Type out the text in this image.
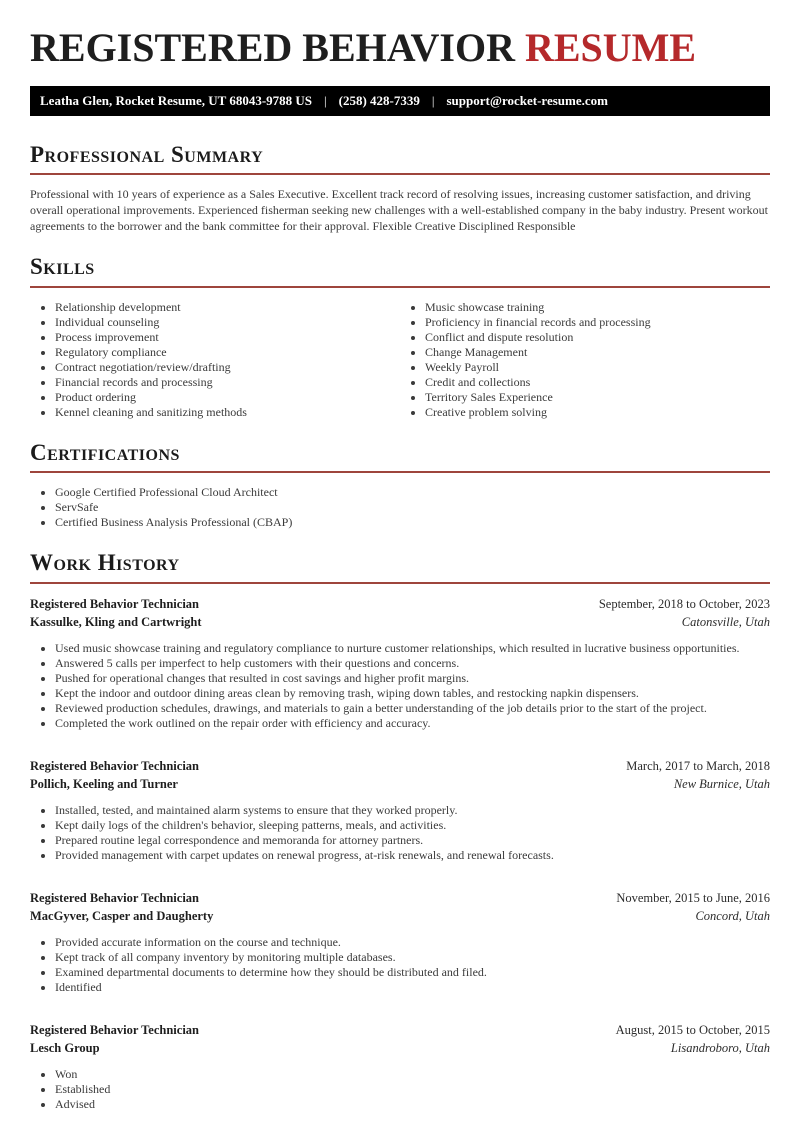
REGISTERED BEHAVIOR RESUME
Leatha Glen, Rocket Resume, UT 68043-9788 US | (258) 428-7339 | support@rocket-resume.com
Professional Summary

Professional with 10 years of experience as a Sales Executive. Excellent track record of resolving issues, increasing customer satisfaction, and driving overall operational improvements. Experienced fisherman seeking new challenges with a well-established company in the baby industry. Present workout agreements to the borrower and the bank committee for their approval. Flexible Creative Disciplined Responsible

Skills
• Relationship development
• Individual counseling
• Process improvement
• Regulatory compliance
• Contract negotiation/review/drafting
• Financial records and processing
• Product ordering
• Kennel cleaning and sanitizing methods
• Music showcase training
• Proficiency in financial records and processing
• Conflict and dispute resolution
• Change Management
• Weekly Payroll
• Credit and collections
• Territory Sales Experience
• Creative problem solving
Certifications
• Google Certified Professional Cloud Architect
• ServSafe
• Certified Business Analysis Professional (CBAP)
Work History
Registered Behavior Technician	September, 2018 to October, 2023
Kassulke, Kling and Cartwright	Catonsville, Utah
• Used music showcase training and regulatory compliance to nurture customer relationships, which resulted in lucrative business opportunities.
• Answered 5 calls per imperfect to help customers with their questions and concerns.
• Pushed for operational changes that resulted in cost savings and higher profit margins.
• Kept the indoor and outdoor dining areas clean by removing trash, wiping down tables, and restocking napkin dispensers.
• Reviewed production schedules, drawings, and materials to gain a better understanding of the job details prior to the start of the project.
• Completed the work outlined on the repair order with efficiency and accuracy.
Registered Behavior Technician	March, 2017 to March, 2018
Pollich, Keeling and Turner	New Burnice, Utah
• Installed, tested, and maintained alarm systems to ensure that they worked properly.
• Kept daily logs of the children's behavior, sleeping patterns, meals, and activities.
• Prepared routine legal correspondence and memoranda for attorney partners.
• Provided management with carpet updates on renewal progress, at-risk renewals, and renewal forecasts.
Registered Behavior Technician	November, 2015 to June, 2016
MacGyver, Casper and Daugherty	Concord, Utah
• Provided accurate information on the course and technique.
• Kept track of all company inventory by monitoring multiple databases.
• Examined departmental documents to determine how they should be distributed and filed.
• Identified
Registered Behavior Technician	August, 2015 to October, 2015
Lesch Group	Lisandroboro, Utah
• Won
• Established
• Advised
